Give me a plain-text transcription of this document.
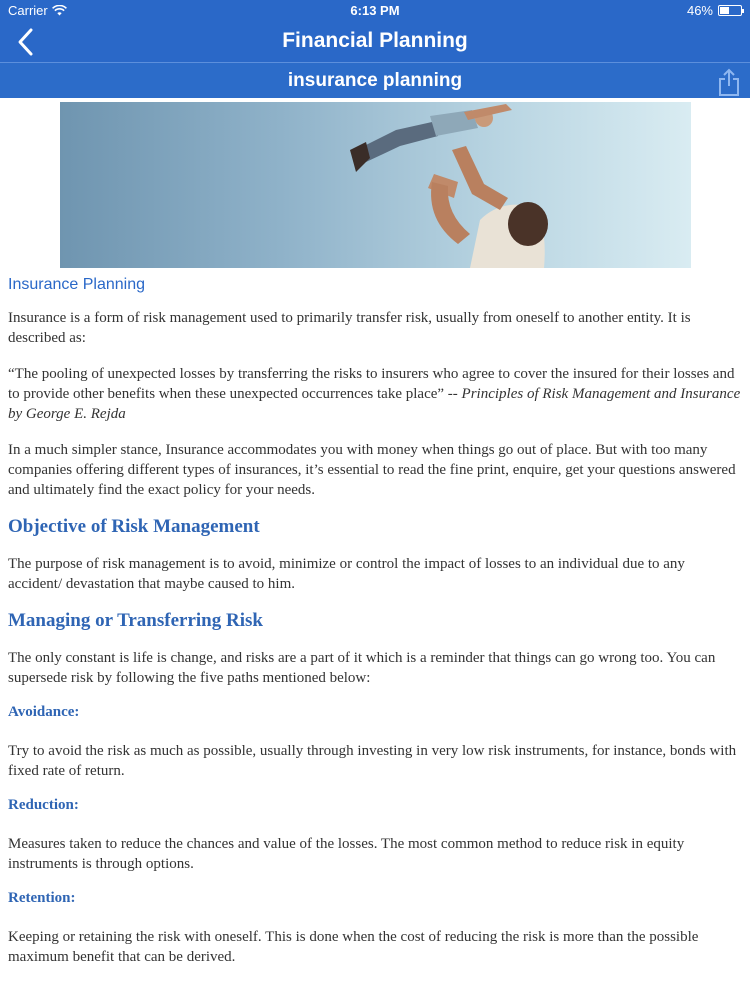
Carrier	6:13 PM	46%
Financial Planning
insurance planning
Insurance Planning

Insurance is a form of risk management used to primarily transfer risk, usually from oneself to another entity. It is described as:

“The pooling of unexpected losses by transferring the risks to insurers who agree to cover the insured for their losses and to provide other benefits when these unexpected occurrences take place” -- Principles of Risk Management and Insurance by George E. Rejda

In a much simpler stance, Insurance accommodates you with money when things go out of place. But with too many companies offering different types of insurances, it’s essential to read the fine print, enquire, get your questions answered and ultimately find the exact policy for your needs.

Objective of Risk Management

The purpose of risk management is to avoid, minimize or control the impact of losses to an individual due to any accident/ devastation that maybe caused to him.

Managing or Transferring Risk

The only constant is life is change, and risks are a part of it which is a reminder that things can go wrong too. You can supersede risk by following the five paths mentioned below:

Avoidance:

Try to avoid the risk as much as possible, usually through investing in very low risk instruments, for instance, bonds with fixed rate of return.

Reduction:

Measures taken to reduce the chances and value of the losses. The most common method to reduce risk in equity instruments is through options.

Retention:

Keeping or retaining the risk with oneself. This is done when the cost of reducing the risk is more than the possible maximum benefit that can be derived.
